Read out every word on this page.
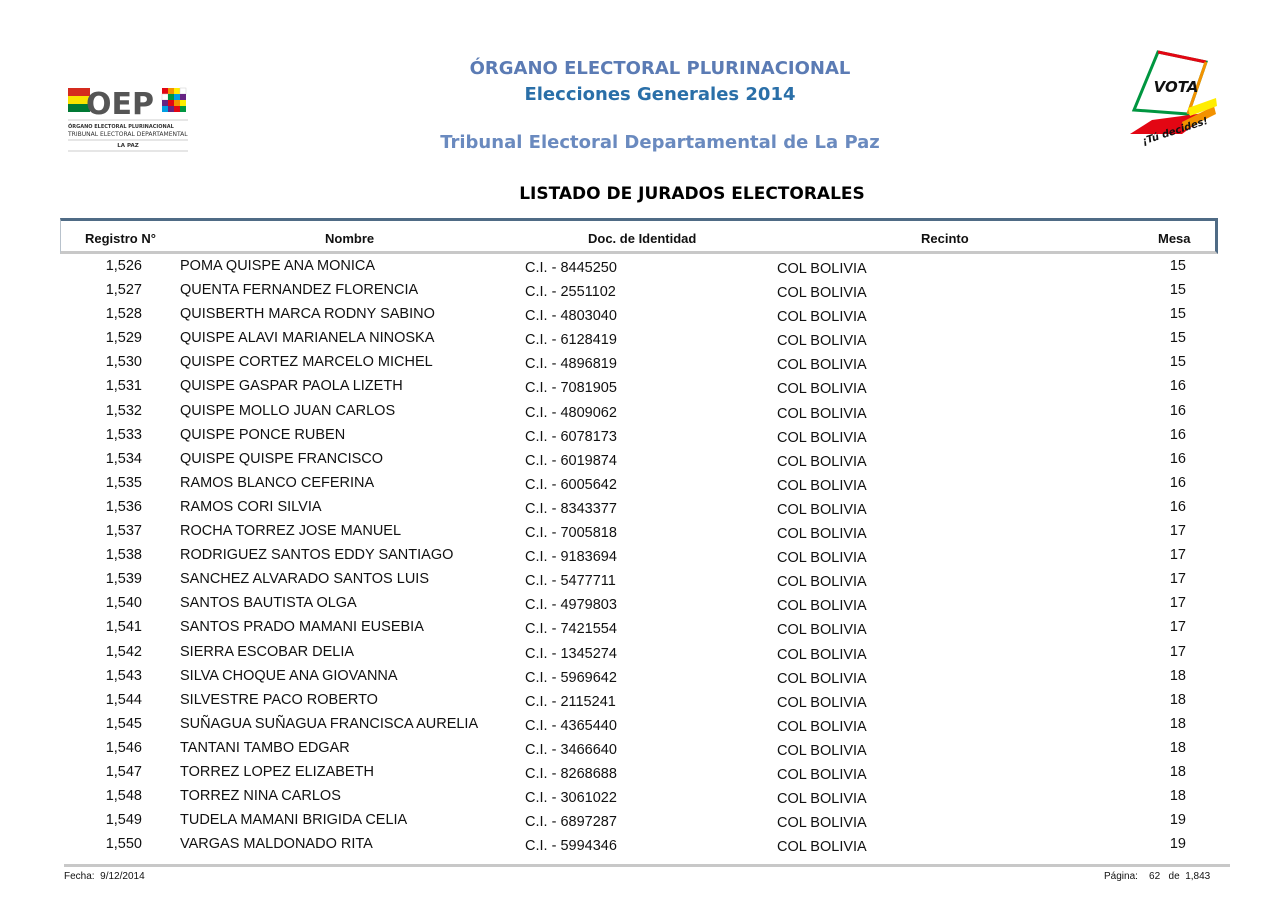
OEP
ÓRGANO ELECTORAL PLURINACIONAL
TRIBUNAL ELECTORAL DEPARTAMENTAL
LA PAZ
VOTA
¡Tú decides!
ÓRGANO ELECTORAL PLURINACIONAL
Elecciones Generales 2014
Tribunal Electoral Departamental de La Paz
LISTADO DE JURADOS ELECTORALES
Registro N°	Nombre	Doc. de Identidad	Recinto	Mesa
1,526	POMA QUISPE ANA MONICA	C.I. - 8445250	COL BOLIVIA	15
1,527	QUENTA FERNANDEZ FLORENCIA	C.I. - 2551102	COL BOLIVIA	15
1,528	QUISBERTH MARCA RODNY SABINO	C.I. - 4803040	COL BOLIVIA	15
1,529	QUISPE ALAVI MARIANELA NINOSKA	C.I. - 6128419	COL BOLIVIA	15
1,530	QUISPE CORTEZ MARCELO MICHEL	C.I. - 4896819	COL BOLIVIA	15
1,531	QUISPE GASPAR PAOLA LIZETH	C.I. - 7081905	COL BOLIVIA	16
1,532	QUISPE MOLLO JUAN CARLOS	C.I. - 4809062	COL BOLIVIA	16
1,533	QUISPE PONCE RUBEN	C.I. - 6078173	COL BOLIVIA	16
1,534	QUISPE QUISPE FRANCISCO	C.I. - 6019874	COL BOLIVIA	16
1,535	RAMOS BLANCO CEFERINA	C.I. - 6005642	COL BOLIVIA	16
1,536	RAMOS CORI SILVIA	C.I. - 8343377	COL BOLIVIA	16
1,537	ROCHA TORREZ JOSE MANUEL	C.I. - 7005818	COL BOLIVIA	17
1,538	RODRIGUEZ SANTOS EDDY SANTIAGO	C.I. - 9183694	COL BOLIVIA	17
1,539	SANCHEZ ALVARADO SANTOS LUIS	C.I. - 5477711	COL BOLIVIA	17
1,540	SANTOS BAUTISTA OLGA	C.I. - 4979803	COL BOLIVIA	17
1,541	SANTOS PRADO MAMANI EUSEBIA	C.I. - 7421554	COL BOLIVIA	17
1,542	SIERRA ESCOBAR DELIA	C.I. - 1345274	COL BOLIVIA	17
1,543	SILVA CHOQUE ANA GIOVANNA	C.I. - 5969642	COL BOLIVIA	18
1,544	SILVESTRE PACO ROBERTO	C.I. - 2115241	COL BOLIVIA	18
1,545	SUÑAGUA SUÑAGUA FRANCISCA AURELIA	C.I. - 4365440	COL BOLIVIA	18
1,546	TANTANI TAMBO EDGAR	C.I. - 3466640	COL BOLIVIA	18
1,547	TORREZ LOPEZ ELIZABETH	C.I. - 8268688	COL BOLIVIA	18
1,548	TORREZ NINA CARLOS	C.I. - 3061022	COL BOLIVIA	18
1,549	TUDELA MAMANI BRIGIDA CELIA	C.I. - 6897287	COL BOLIVIA	19
1,550	VARGAS MALDONADO RITA	C.I. - 5994346	COL BOLIVIA	19
Fecha: 9/12/2014	Página: 62 de 1,843
